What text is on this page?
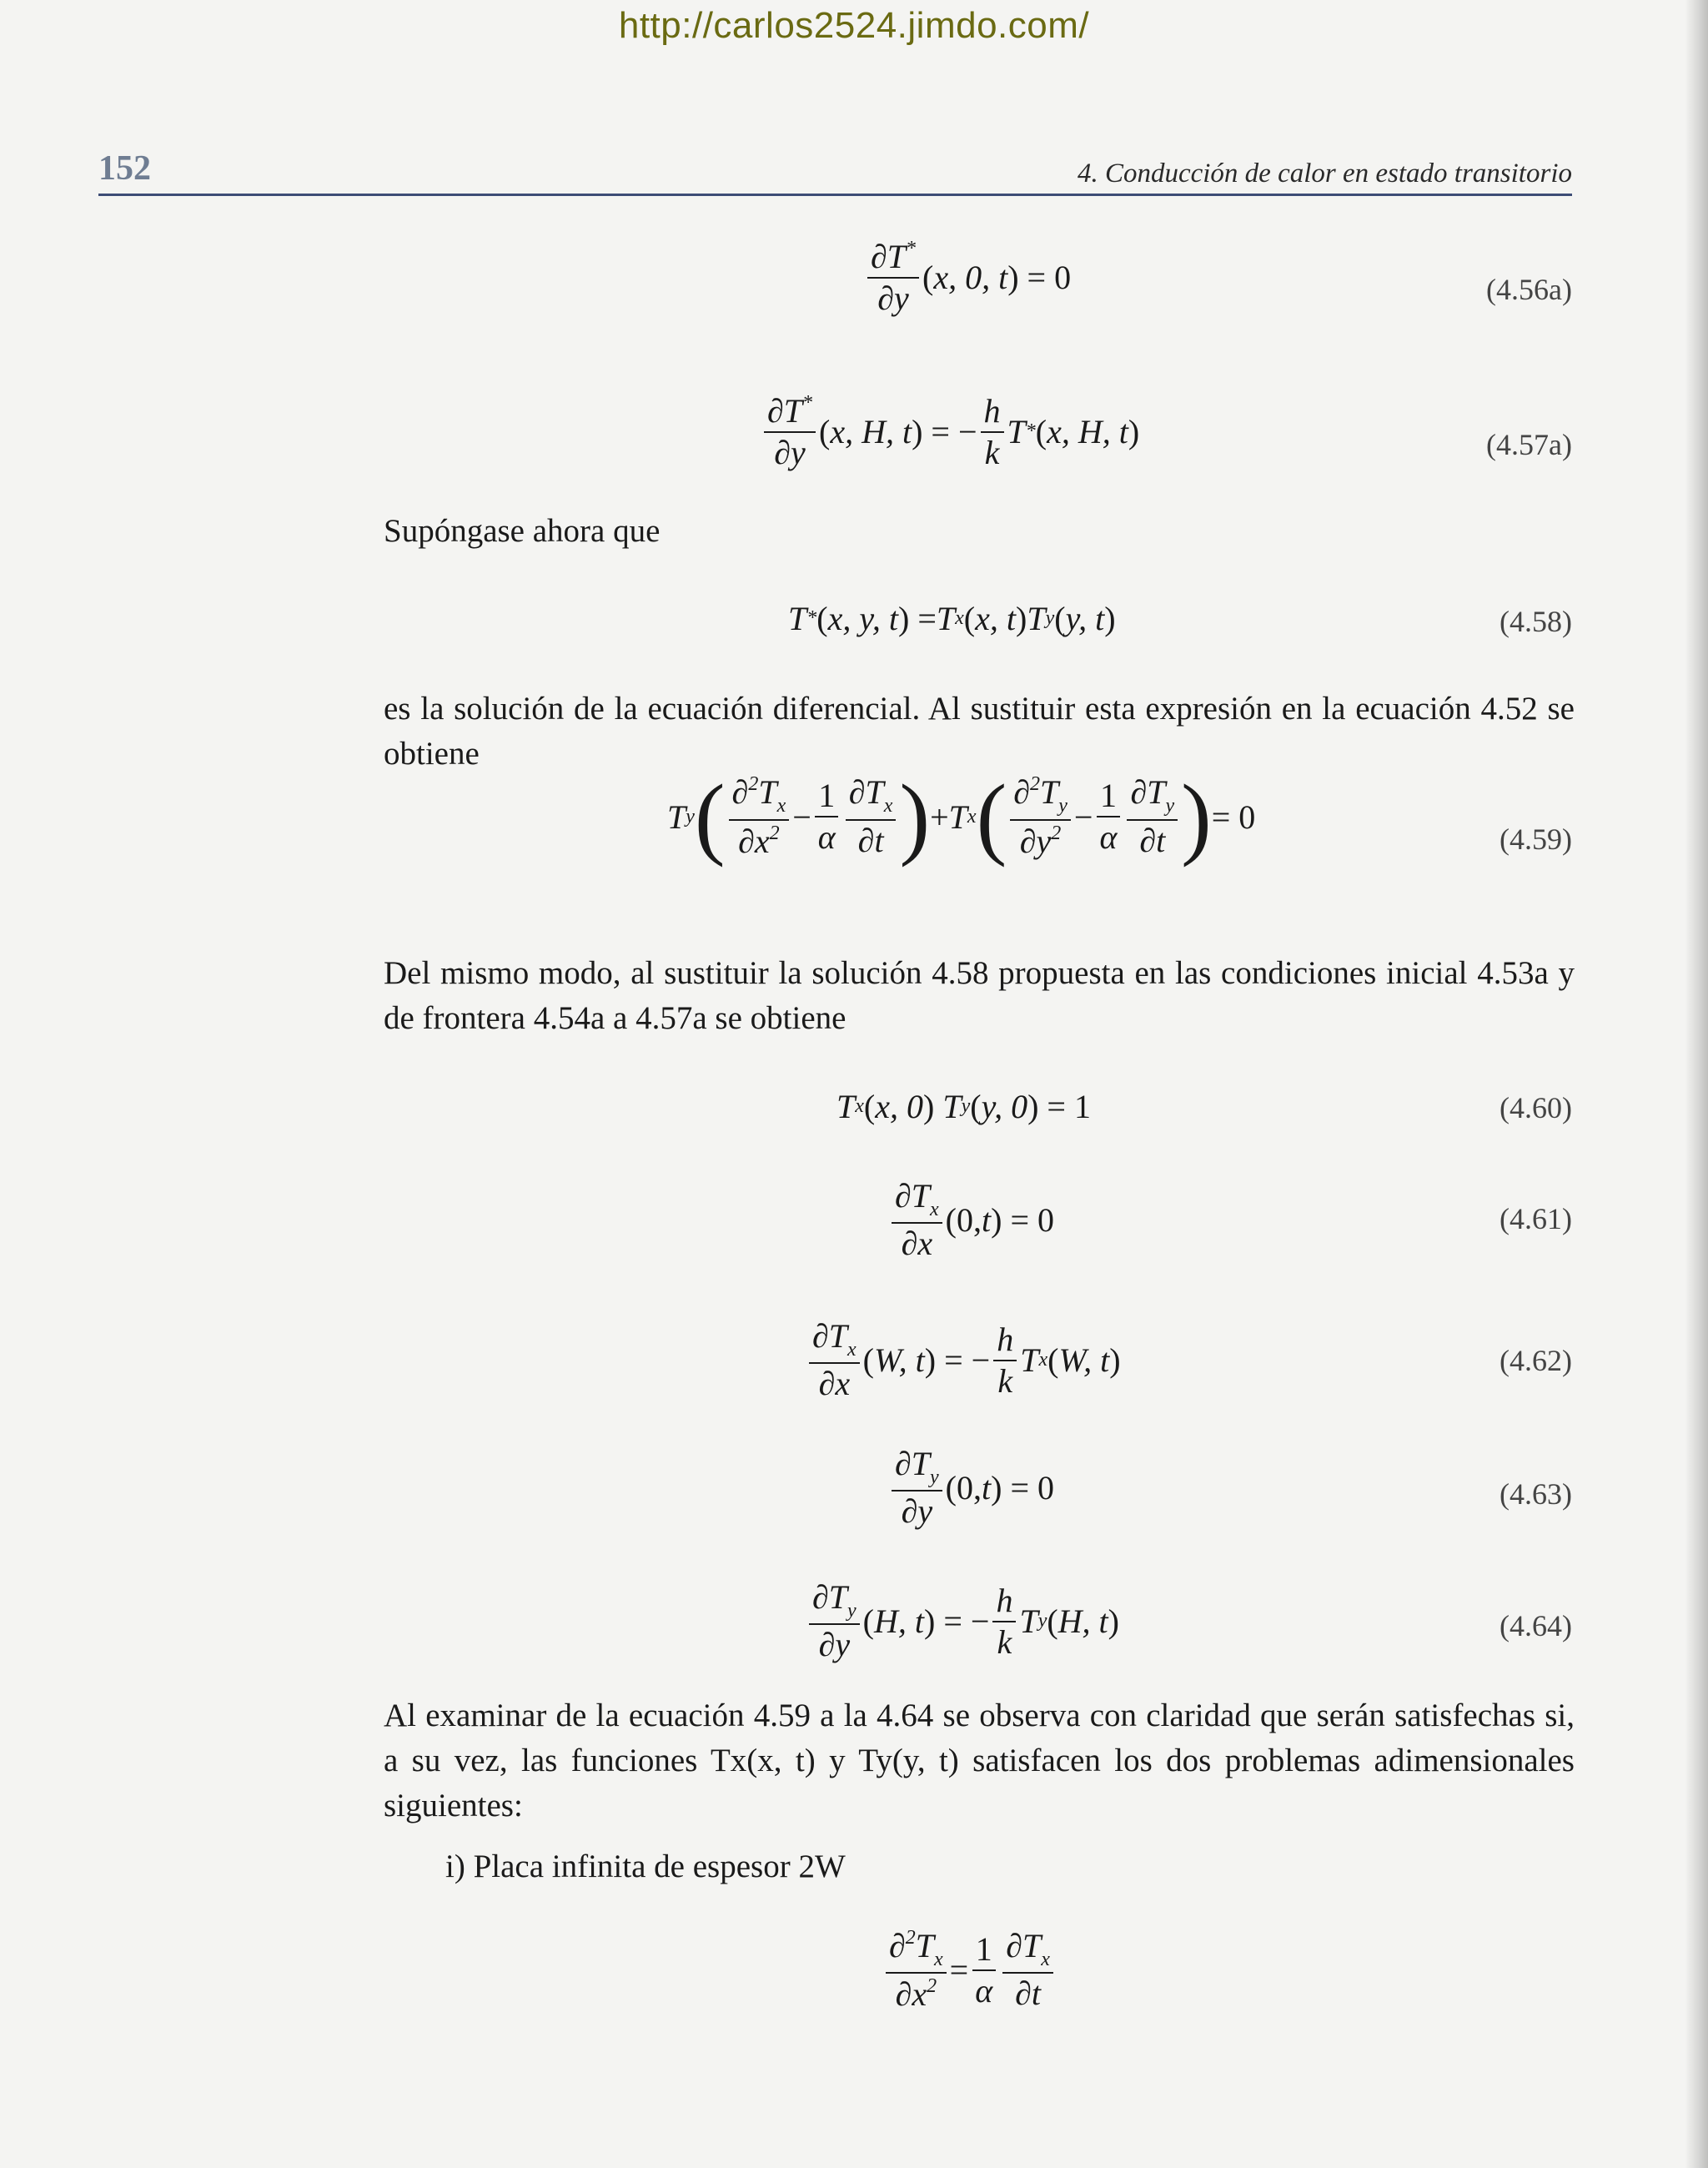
http://carlos2524.jimdo.com/
152	4. Conducción de calor en estado transitorio
$\frac{\partial T^*}{\partial y}$ ( x, 0, t ) = 0	(4.56a)
$\frac{\partial T^*}{\partial y}$ ( x, H, t ) = − $\frac{h}{k}$ T * ( x, H, t )	(4.57a)
Supóngase ahora que
T * ( x, y, t ) = T x ( x, t ) T y ( y, t )	(4.58)
es la solución de la ecuación diferencial. Al sustituir esta expresión en la ecuación 4.52 se obtiene
T y ( $\frac{\partial^2T_x}{\partial x^2} - \frac{1}{\alpha} \frac{\partial T_x}{\partial t}$ ) + T x ( $\frac{\partial^2T_y}{\partial y^2} - \frac{1}{\alpha} \frac{\partial T_y}{\partial t}$ ) = 0
(4.59)
Del mismo modo, al sustituir la solución 4.58 propuesta en las condiciones inicial 4.53a y de frontera 4.54a a 4.57a se obtiene
T x ( x, 0 ) T y ( y, 0 ) = 1	(4.60)
$\frac{\partial T_x}{\partial x} (0$, t ) = 0	(4.61)
$\frac{\partial T_x}{\partial x}$ ( W, t ) = − $\frac{h}{k}$ T x ( W, t )	(4.62)
$\frac{\partial T_y}{\partial y} (0$, t ) = 0	(4.63)
$\frac{\partial T_y}{\partial y}$ ( H, t ) = − $\frac{h}{k}$ T y ( H, t )	(4.64)
Al examinar de la ecuación 4.59 a la 4.64 se observa con claridad que serán satisfechas si, a su vez, las funciones Tx(x, t) y Ty(y, t) satisfacen los dos problemas adimensionales siguientes:
i) Placa infinita de espesor 2W
$\frac{\partial^2T_x}{\partial x^2} = \frac{1}{\alpha} \frac{\partial T_x}{\partial t}$
